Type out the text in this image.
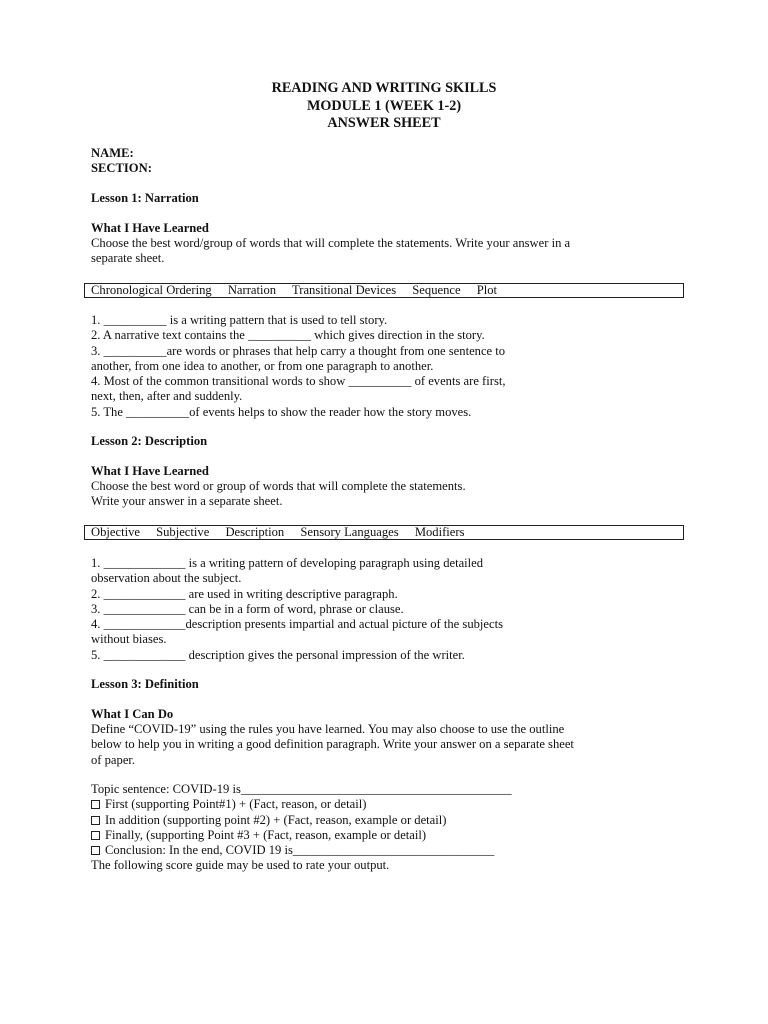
READING AND WRITING SKILLS
MODULE 1 (WEEK 1-2)
ANSWER SHEET
NAME:
SECTION:
Lesson 1: Narration
What I Have Learned
Choose the best word/group of words that will complete the statements. Write your answer in a
separate sheet.
Chronological Ordering Narration Transitional Devices Sequence Plot
1. __________ is a writing pattern that is used to tell story.
2. A narrative text contains the __________ which gives direction in the story.
3. __________are words or phrases that help carry a thought from one sentence to
another, from one idea to another, or from one paragraph to another.
4. Most of the common transitional words to show __________ of events are first,
next, then, after and suddenly.
5. The __________of events helps to show the reader how the story moves.
Lesson 2: Description
What I Have Learned
Choose the best word or group of words that will complete the statements.
Write your answer in a separate sheet.
Objective Subjective Description Sensory Languages Modifiers
1. _____________ is a writing pattern of developing paragraph using detailed
observation about the subject.
2. _____________ are used in writing descriptive paragraph.
3. _____________ can be in a form of word, phrase or clause.
4. _____________description presents impartial and actual picture of the subjects
without biases.
5. _____________ description gives the personal impression of the writer.
Lesson 3: Definition
What I Can Do
Define “COVID-19” using the rules you have learned. You may also choose to use the outline
below to help you in writing a good definition paragraph. Write your answer on a separate sheet
of paper.
Topic sentence: COVID-19 is___________________________________________
First (supporting Point#1) + (Fact, reason, or detail)
In addition (supporting point #2) + (Fact, reason, example or detail)
Finally, (supporting Point #3 + (Fact, reason, example or detail)
Conclusion: In the end, COVID 19 is________________________________
The following score guide may be used to rate your output.
